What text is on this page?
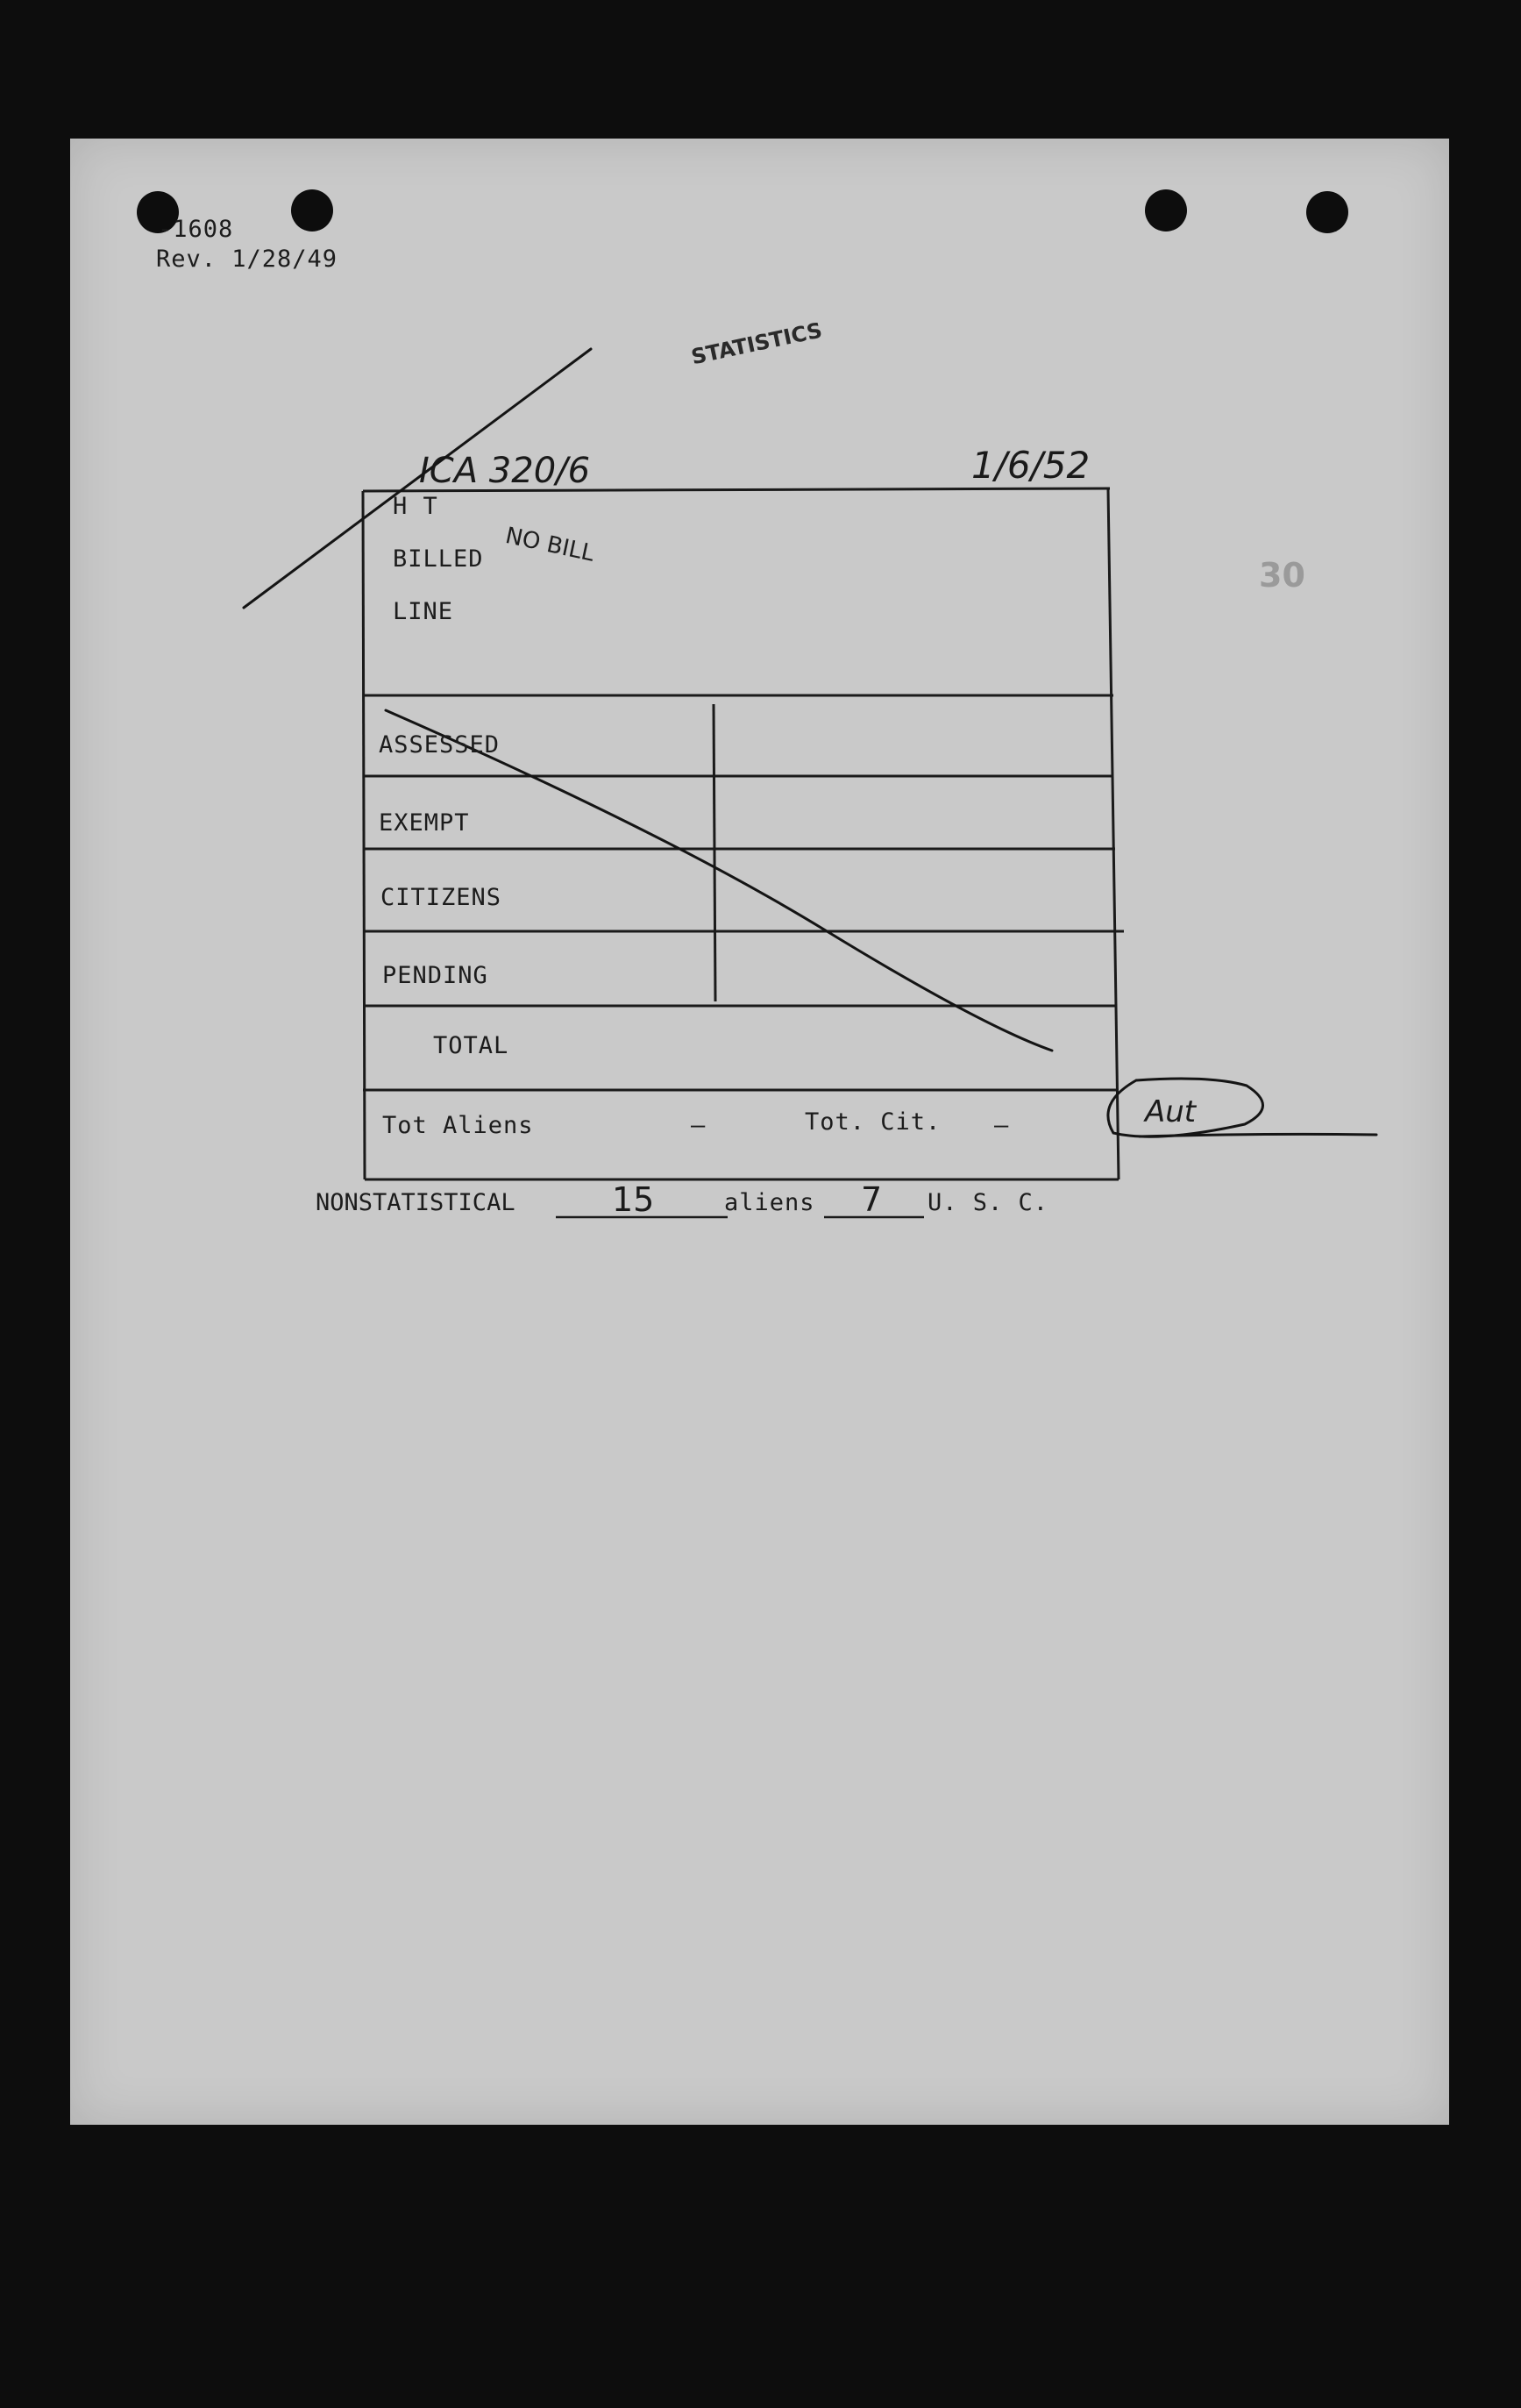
-1608
Rev. 1/28/49
STATISTICS
NO BILL
30
ICA 320/6	1/6/52
Aut
H T
BILLED
LINE
ASSESSED
EXEMPT
CITIZENS
PENDING
TOTAL
Tot Aliens	—	Tot. Cit. —
NONSTATISTICAL	15	aliens 7 U. S. C.
